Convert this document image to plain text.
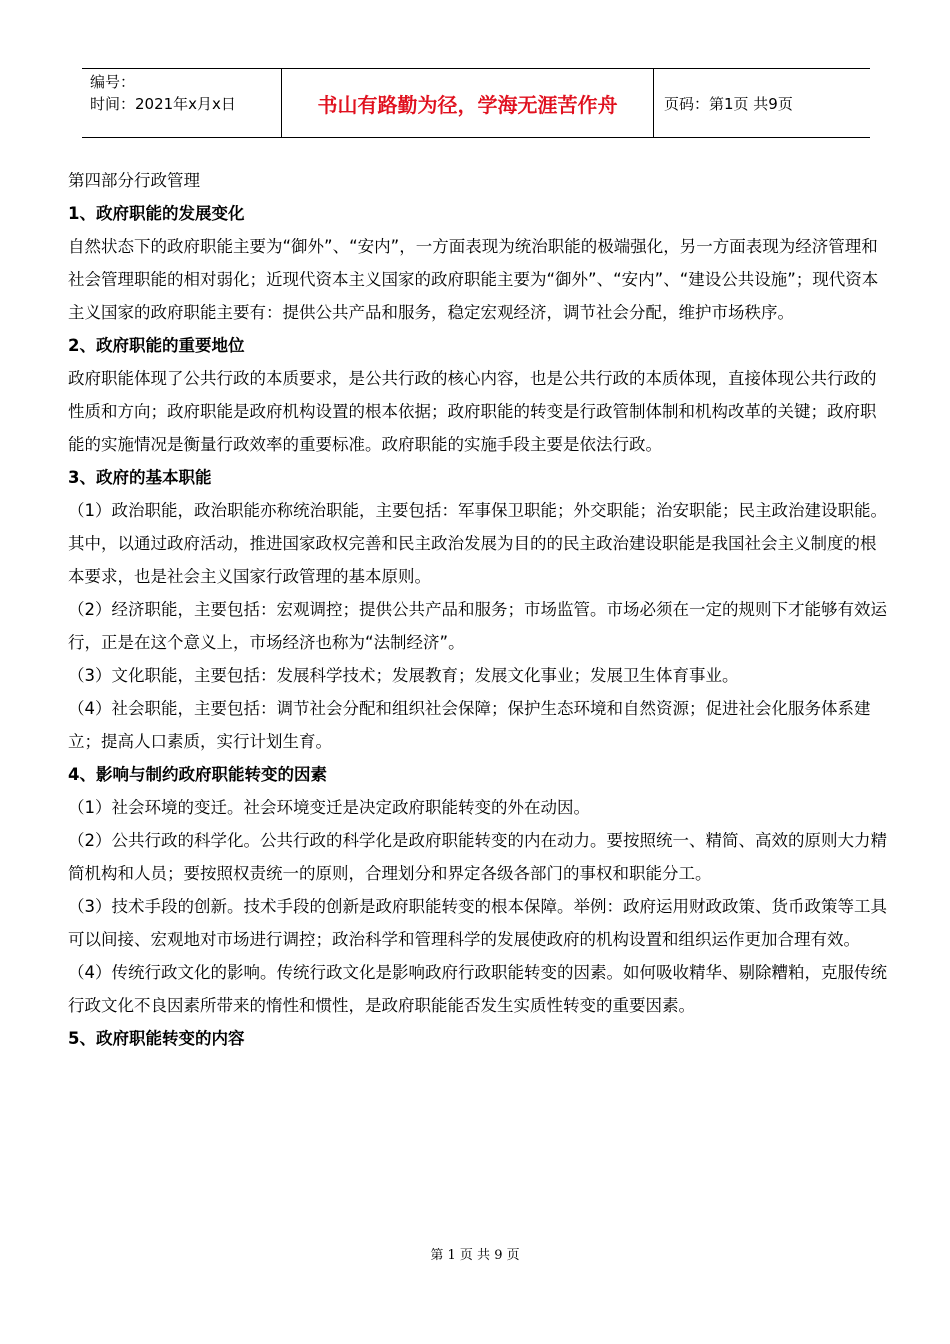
编号：
时间：2021年x月x日	书山有路勤为径，学海无涯苦作舟	页码：第1页 共9页

第四部分行政管理

1、政府职能的发展变化

自然状态下的政府职能主要为“御外”、“安内”，一方面表现为统治职能的极端强化，另一方面表现为经济管理和社会管理职能的相对弱化；近现代资本主义国家的政府职能主要为“御外”、“安内”、“建设公共设施”；现代资本主义国家的政府职能主要有：提供公共产品和服务，稳定宏观经济，调节社会分配，维护市场秩序。

2、政府职能的重要地位

政府职能体现了公共行政的本质要求，是公共行政的核心内容，也是公共行政的本质体现，直接体现公共行政的性质和方向；政府职能是政府机构设置的根本依据；政府职能的转变是行政管制体制和机构改革的关键；政府职能的实施情况是衡量行政效率的重要标准。政府职能的实施手段主要是依法行政。

3、政府的基本职能

（1）政治职能，政治职能亦称统治职能，主要包括：军事保卫职能；外交职能；治安职能；民主政治建设职能。其中，以通过政府活动，推进国家政权完善和民主政治发展为目的的民主政治建设职能是我国社会主义制度的根本要求，也是社会主义国家行政管理的基本原则。

（2）经济职能，主要包括：宏观调控；提供公共产品和服务；市场监管。市场必须在一定的规则下才能够有效运行，正是在这个意义上，市场经济也称为“法制经济”。

（3）文化职能，主要包括：发展科学技术；发展教育；发展文化事业；发展卫生体育事业。

（4）社会职能，主要包括：调节社会分配和组织社会保障；保护生态环境和自然资源；促进社会化服务体系建立；提高人口素质，实行计划生育。

4、影响与制约政府职能转变的因素

（1）社会环境的变迁。社会环境变迁是决定政府职能转变的外在动因。

（2）公共行政的科学化。公共行政的科学化是政府职能转变的内在动力。要按照统一、精简、高效的原则大力精简机构和人员；要按照权责统一的原则，合理划分和界定各级各部门的事权和职能分工。

（3）技术手段的创新。技术手段的创新是政府职能转变的根本保障。举例：政府运用财政政策、货币政策等工具可以间接、宏观地对市场进行调控；政治科学和管理科学的发展使政府的机构设置和组织运作更加合理有效。

（4）传统行政文化的影响。传统行政文化是影响政府行政职能转变的因素。如何吸收精华、剔除糟粕，克服传统行政文化不良因素所带来的惰性和惯性，是政府职能能否发生实质性转变的重要因素。

5、政府职能转变的内容

第 1 页 共 9 页
